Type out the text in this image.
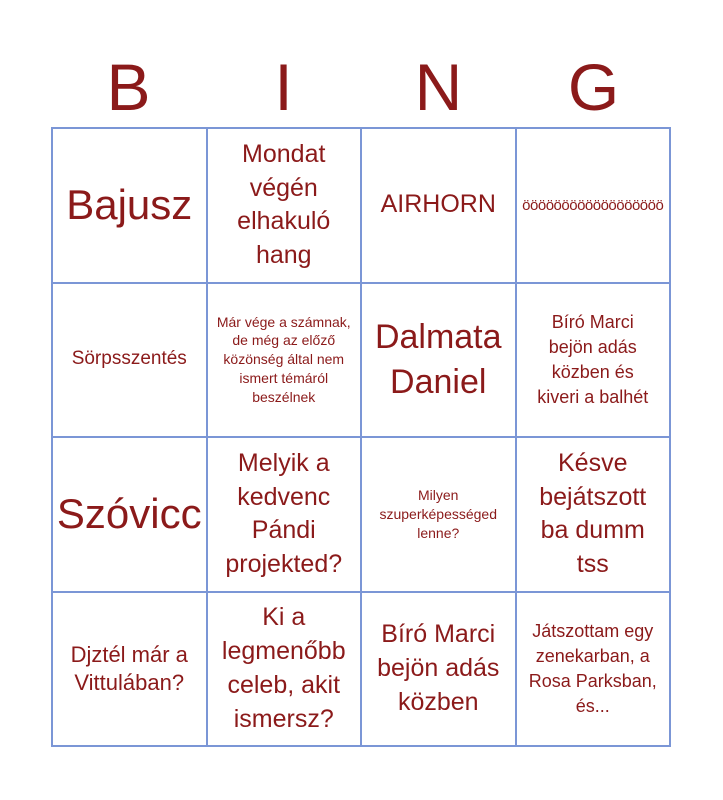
B	I	N	G
Bajusz
Mondat végén elhakuló hang
AIRHORN öööööööööööööööööö
Sörpsszentés
Már vége a számnak, de még az előző közönség által nem ismert témáról beszélnek
Dalmata Daniel
Bíró Marci bejön adás közben és kiveri a balhét
Szóvicc
Melyik a kedvenc Pándi projekted?
Milyen szuperképességed lenne?
Késve bejátszott ba dumm tss
Djztél már a Vittulában?
Ki a legmenőbb celeb, akit ismersz?
Bíró Marci bejön adás közben
Játszottam egy zenekarban, a Rosa Parksban, és...
